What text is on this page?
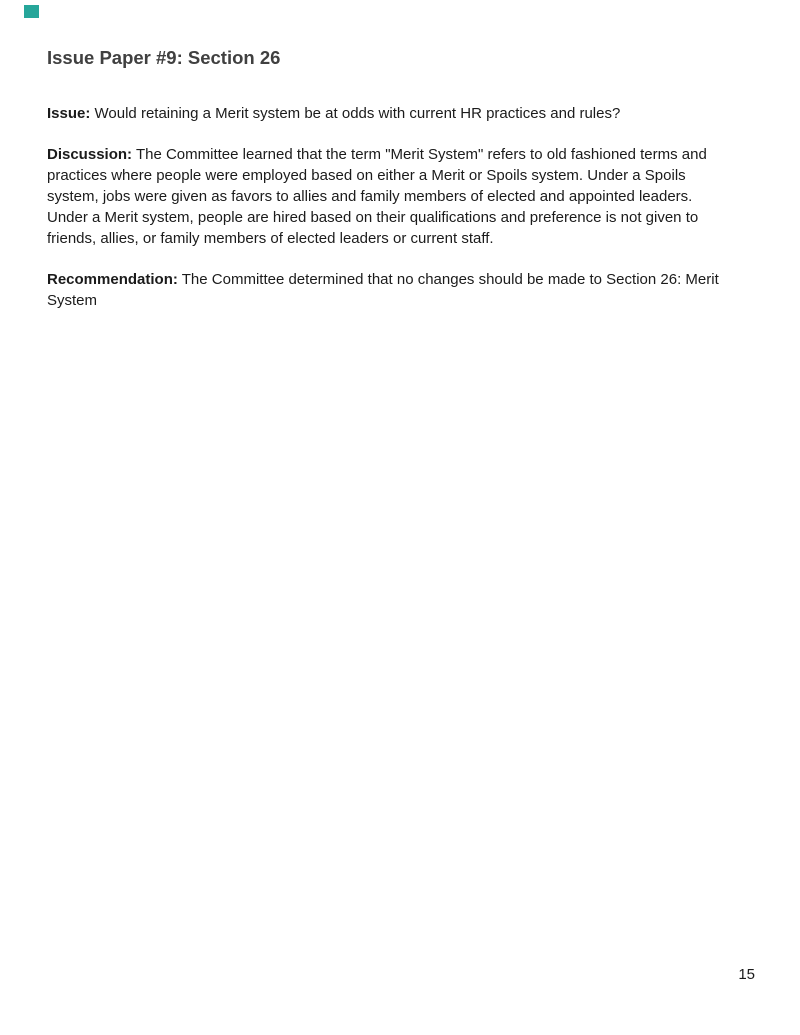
Issue Paper #9: Section 26

Issue: Would retaining a Merit system be at odds with current HR practices and rules?

Discussion: The Committee learned that the term "Merit System" refers to old fashioned terms and practices where people were employed based on either a Merit or Spoils system. Under a Spoils system, jobs were given as favors to allies and family members of elected and appointed leaders. Under a Merit system, people are hired based on their qualifications and preference is not given to friends, allies, or family members of elected leaders or current staff.

Recommendation: The Committee determined that no changes should be made to Section 26: Merit System

15
